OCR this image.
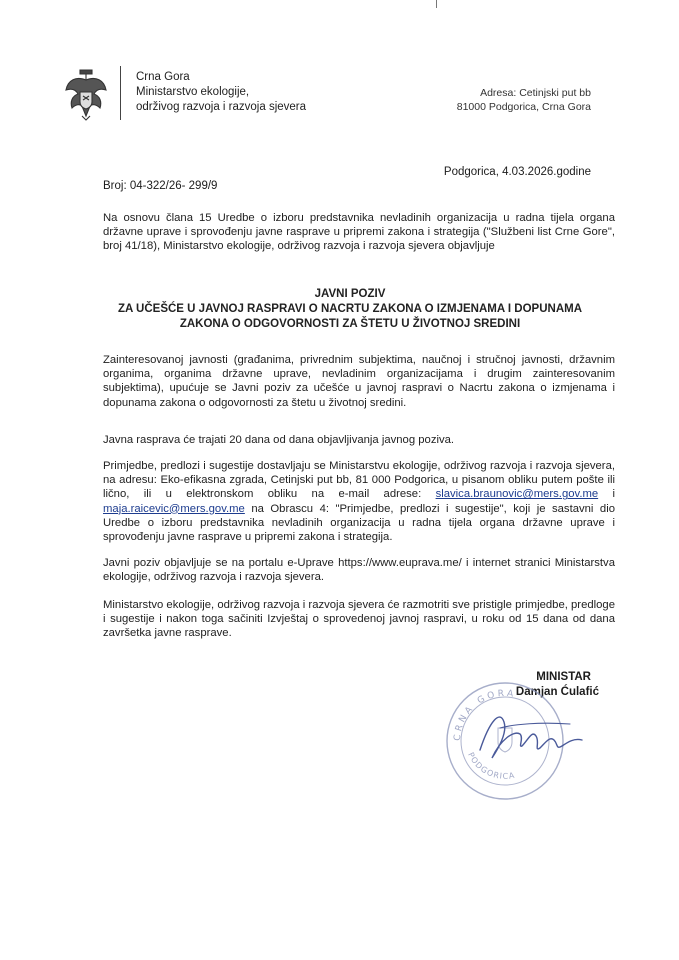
Crna Gora
Ministarstvo ekologije,
održivog razvoja i razvoja sjevera
Adresa: Cetinjski put bb
81000 Podgorica, Crna Gora
Broj: 04-322/26- 299/9
Podgorica, 4.03.2026.godine

Na osnovu člana 15 Uredbe o izboru predstavnika nevladinih organizacija u radna tijela organa državne uprave i sprovođenju javne rasprave u pripremi zakona i strategija ("Službeni list Crne Gore", broj 41/18), Ministarstvo ekologije, održivog razvoja i razvoja sjevera objavljuje

JAVNI POZIV
ZA UČEŠĆE U JAVNOJ RASPRAVI O NACRTU ZAKONA O IZMJENAMA I DOPUNAMA
ZAKONA O ODGOVORNOSTI ZA ŠTETU U ŽIVOTNOJ SREDINI

Zainteresovanoj javnosti (građanima, privrednim subjektima, naučnoj i stručnoj javnosti, državnim organima, organima državne uprave, nevladinim organizacijama i drugim zainteresovanim subjektima), upućuje se Javni poziv za učešće u javnoj raspravi o Nacrtu zakona o izmjenama i dopunama zakona o odgovornosti za štetu u životnoj sredini.

Javna rasprava će trajati 20 dana od dana objavljivanja javnog poziva.

Primjedbe, predlozi i sugestije dostavljaju se Ministarstvu ekologije, održivog razvoja i razvoja sjevera, na adresu: Eko-efikasna zgrada, Cetinjski put bb, 81 000 Podgorica, u pisanom obliku putem pošte ili lično, ili u elektronskom obliku na e-mail adrese: slavica.braunovic@mers.gov.me i maja.raicevic@mers.gov.me na Obrascu 4: "Primjedbe, predlozi i sugestije", koji je sastavni dio Uredbe o izboru predstavnika nevladinih organizacija u radna tijela organa državne uprave i sprovođenju javne rasprave u pripremi zakona i strategija.

Javni poziv objavljuje se na portalu e-Uprave https://www.euprava.me/ i internet stranici Ministarstva ekologije, održivog razvoja i razvoja sjevera.

Ministarstvo ekologije, održivog razvoja i razvoja sjevera će razmotriti sve pristigle primjedbe, predloge i sugestije i nakon toga sačiniti Izvještaj o sprovedenoj javnoj raspravi, u roku od 15 dana od dana završetka javne rasprave.

MINISTAR
Damjan Ćulafić
CRNA GORA
PODGORICA
